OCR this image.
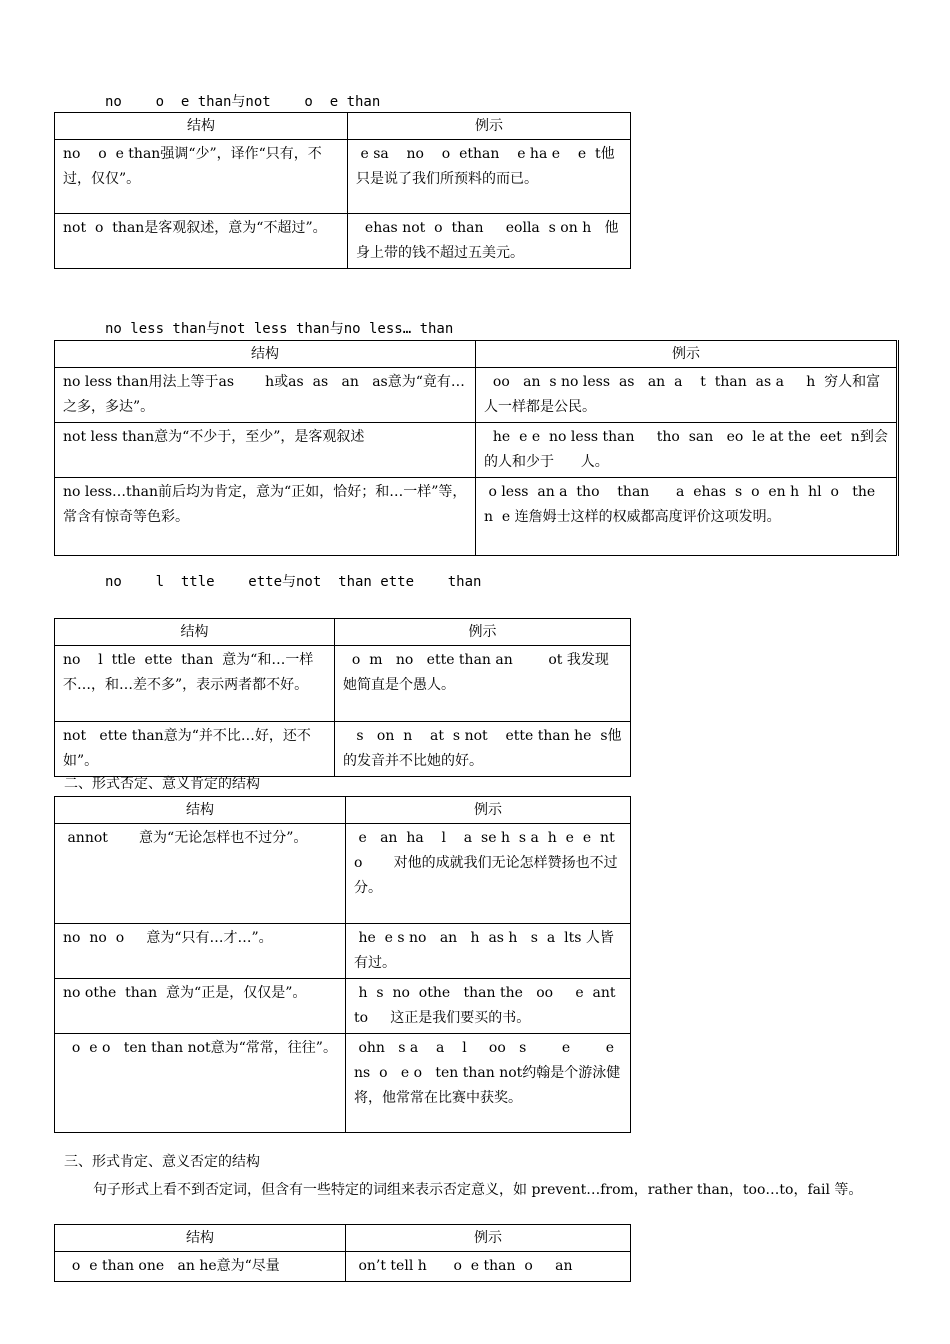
no    o  e than与not    o  e than
结构	例示
no    o  e than强调“少”，译作“只有，不过，仅仅”。	e sa    no    o  ethan    e ha e    e  t他只是说了我们所预料的而已。
not  o  than是客观叙述，意为“不超过”。	ehas not  o  than     eolla  s on h   他身上带的钱不超过五美元。
no less than与not less than与no less… than
结构	例示
no less than用法上等于as       h或as  as   an   as意为“竟有…之多，多达”。	oo   an  s no less  as   an  a    t  than  as a     h  穷人和富人一样都是公民。
not less than意为“不少于，至少”，是客观叙述	he  e e  no less than     tho  san   eo  le at the  eet  n到会的人和少于      人。
no less…than前后均为肯定，意为“正如，恰好；和…一样”等，常含有惊奇等色彩。	o less  an a  tho    than      a  ehas  s  o  en h  hl  o   the   n  e 连詹姆士这样的权威都高度评价这项发明。
no    l  ttle    ette与not  than ette    than
结构	例示
no    l  ttle  ette  than  意为“和…一样不…，和…差不多”，表示两者都不好。	o  m   no   ette than an        ot 我发现她简直是个愚人。
not   ette than意为“并不比…好，还不如”。	s   on  n    at  s not    ette than he  s他的发音并不比她的好。
二、形式否定、意义肯定的结构
结构	例示
annot       意为“无论怎样也不过分”。	e   an  ha    l    a  se h  s a  h  e  e  nt  o       对他的成就我们无论怎样赞扬也不过分。
no  no  o     意为“只有…才…”。	he  e s no   an   h  as h   s  a  lts 人皆有过。
no othe  than  意为“正是，仅仅是”。	h  s  no  othe   than the   oo     e  ant to     这正是我们要买的书。
o  e o   ten than not意为“常常，往往”。	ohn   s a    a    l     oo   s        e        e     ns  o   e o   ten than not约翰是个游泳健将，他常常在比赛中获奖。
三、形式肯定、意义否定的结构
句子形式上看不到否定词，但含有一些特定的词组来表示否定意义，如 prevent…from，rather than，too…to，fail 等。
结构	例示
o  e than one   an he意为“尽量	on’t tell h      o  e than  o     an
